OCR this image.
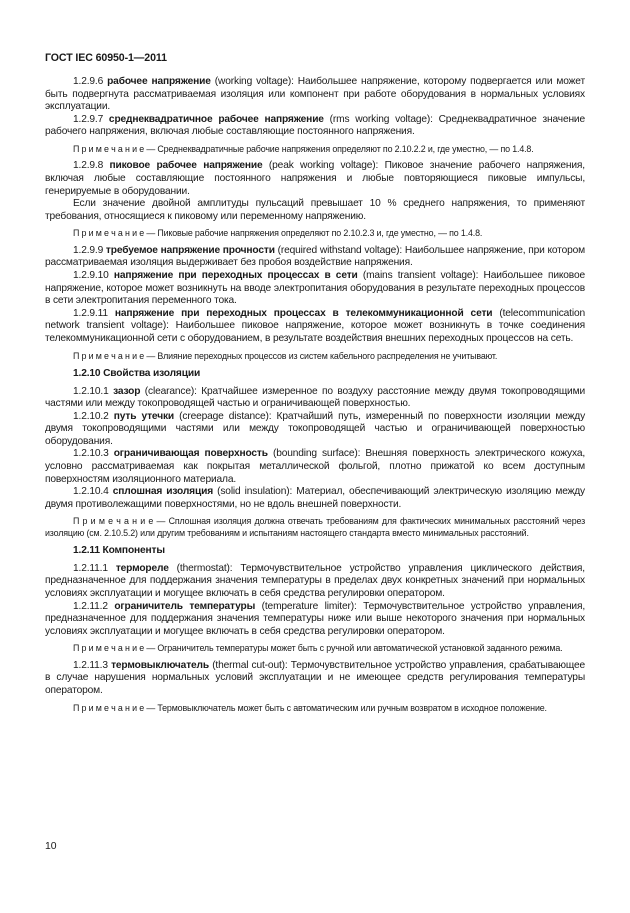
ГОСТ IEC 60950-1—2011

1.2.9.6 рабочее напряжение (working voltage): Наибольшее напряжение, которому подвергается или может быть подвергнута рассматриваемая изоляция или компонент при работе оборудования в нормальных условиях эксплуатации.

1.2.9.7 среднеквадратичное рабочее напряжение (rms working voltage): Среднеквадратичное значение рабочего напряжения, включая любые составляющие постоянного напряжения.

П р и м е ч а н и е — Среднеквадратичные рабочие напряжения определяют по 2.10.2.2 и, где уместно, — по 1.4.8.

1.2.9.8 пиковое рабочее напряжение (peak working voltage): Пиковое значение рабочего напряжения, включая любые составляющие постоянного напряжения и любые повторяющиеся пиковые импульсы, генерируемые в оборудовании.

Если значение двойной амплитуды пульсаций превышает 10 % среднего напряжения, то применяют требования, относящиеся к пиковому или переменному напряжению.

П р и м е ч а н и е — Пиковые рабочие напряжения определяют по 2.10.2.3 и, где уместно, — по 1.4.8.

1.2.9.9 требуемое напряжение прочности (required withstand voltage): Наибольшее напряжение, при котором рассматриваемая изоляция выдерживает без пробоя воздействие напряжения.

1.2.9.10 напряжение при переходных процессах в сети (mains transient voltage): Наибольшее пиковое напряжение, которое может возникнуть на вводе электропитания оборудования в результате переходных процессов в сети электропитания переменного тока.

1.2.9.11 напряжение при переходных процессах в телекоммуникационной сети (telecommunication network transient voltage): Наибольшее пиковое напряжение, которое может возникнуть в точке соединения телекоммуникационной сети с оборудованием, в результате воздействия внешних переходных процессов на сеть.

П р и м е ч а н и е — Влияние переходных процессов из систем кабельного распределения не учитывают.

1.2.10 Свойства изоляции

1.2.10.1 зазор (clearance): Кратчайшее измеренное по воздуху расстояние между двумя токопроводящими частями или между токопроводящей частью и ограничивающей поверхностью.

1.2.10.2 путь утечки (creepage distance): Кратчайший путь, измеренный по поверхности изоляции между двумя токопроводящими частями или между токопроводящей частью и ограничивающей поверхностью оборудования.

1.2.10.3 ограничивающая поверхность (bounding surface): Внешняя поверхность электрического кожуха, условно рассматриваемая как покрытая металлической фольгой, плотно прижатой ко всем доступным поверхностям изоляционного материала.

1.2.10.4 сплошная изоляция (solid insulation): Материал, обеспечивающий электрическую изоляцию между двумя противолежащими поверхностями, но не вдоль внешней поверхности.

П р и м е ч а н и е — Сплошная изоляция должна отвечать требованиям для фактических минимальных расстояний через изоляцию (см. 2.10.5.2) или другим требованиям и испытаниям настоящего стандарта вместо минимальных расстояний.

1.2.11 Компоненты

1.2.11.1 термореле (thermostat): Термочувствительное устройство управления циклического действия, предназначенное для поддержания значения температуры в пределах двух конкретных значений при нормальных условиях эксплуатации и могущее включать в себя средства регулировки оператором.

1.2.11.2 ограничитель температуры (temperature limiter): Термочувствительное устройство управления, предназначенное для поддержания значения температуры ниже или выше некоторого значения при нормальных условиях эксплуатации и могущее включать в себя средства регулировки оператором.

П р и м е ч а н и е — Ограничитель температуры может быть с ручной или автоматической установкой заданного режима.

1.2.11.3 термовыключатель (thermal cut-out): Термочувствительное устройство управления, срабатывающее в случае нарушения нормальных условий эксплуатации и не имеющее средств регулирования температуры оператором.

П р и м е ч а н и е — Термовыключатель может быть с автоматическим или ручным возвратом в исходное положение.

10
